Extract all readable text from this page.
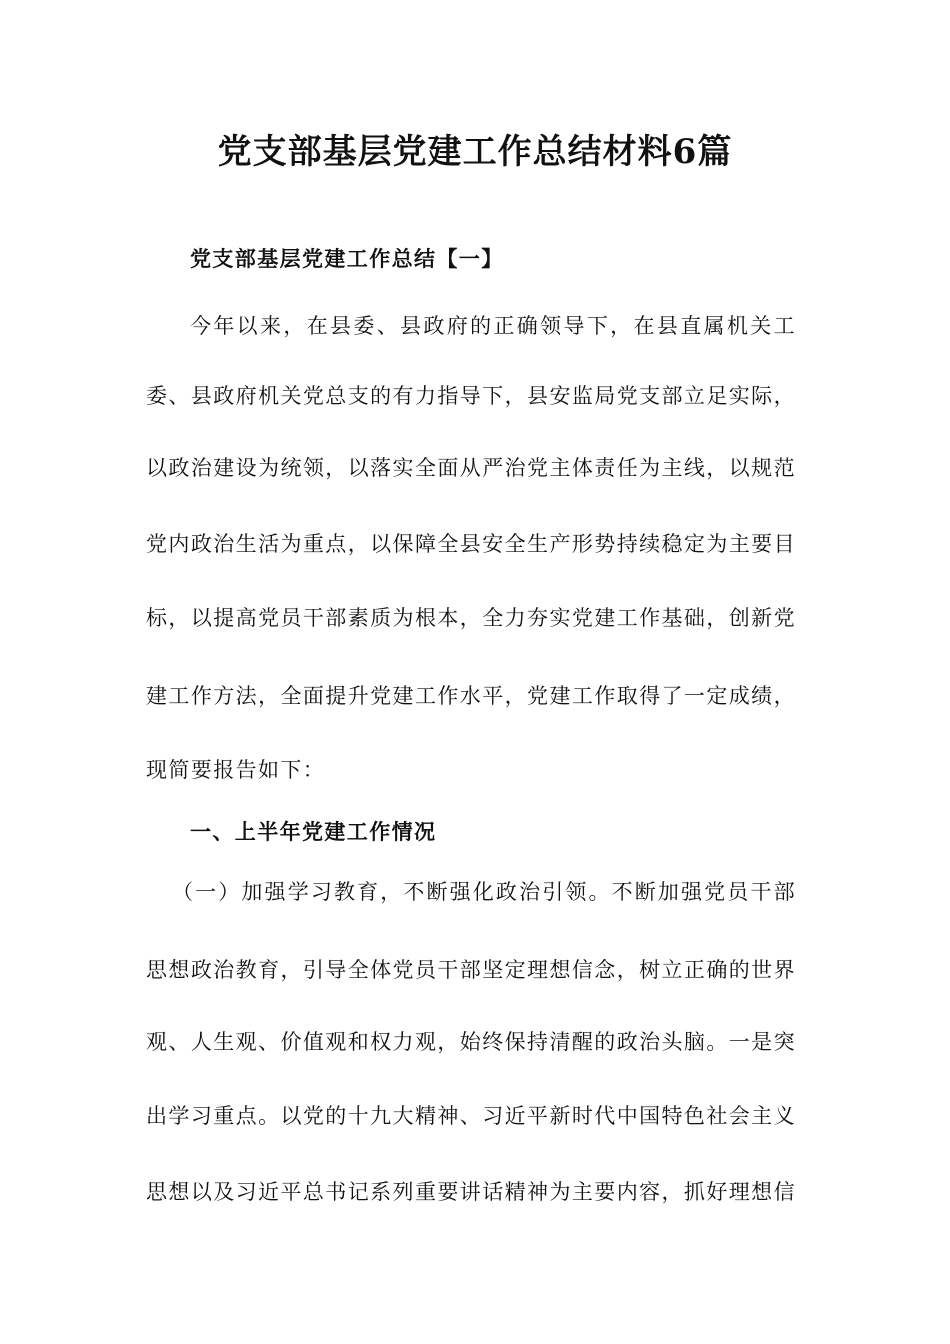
党支部基层党建工作总结材料6篇
党支部基层党建工作总结【一】
今年以来，在县委、县政府的正确领导下，在县直属机关工
委、县政府机关党总支的有力指导下，县安监局党支部立足实际，
以政治建设为统领，以落实全面从严治党主体责任为主线，以规范
党内政治生活为重点，以保障全县安全生产形势持续稳定为主要目
标，以提高党员干部素质为根本，全力夯实党建工作基础，创新党
建工作方法，全面提升党建工作水平，党建工作取得了一定成绩，
现简要报告如下：
一、上半年党建工作情况
（一）加强学习教育，不断强化政治引领。不断加强党员干部
思想政治教育，引导全体党员干部坚定理想信念，树立正确的世界
观、人生观、价值观和权力观，始终保持清醒的政治头脑。一是突
出学习重点。以党的十九大精神、习近平新时代中国特色社会主义
思想以及习近平总书记系列重要讲话精神为主要内容，抓好理想信
